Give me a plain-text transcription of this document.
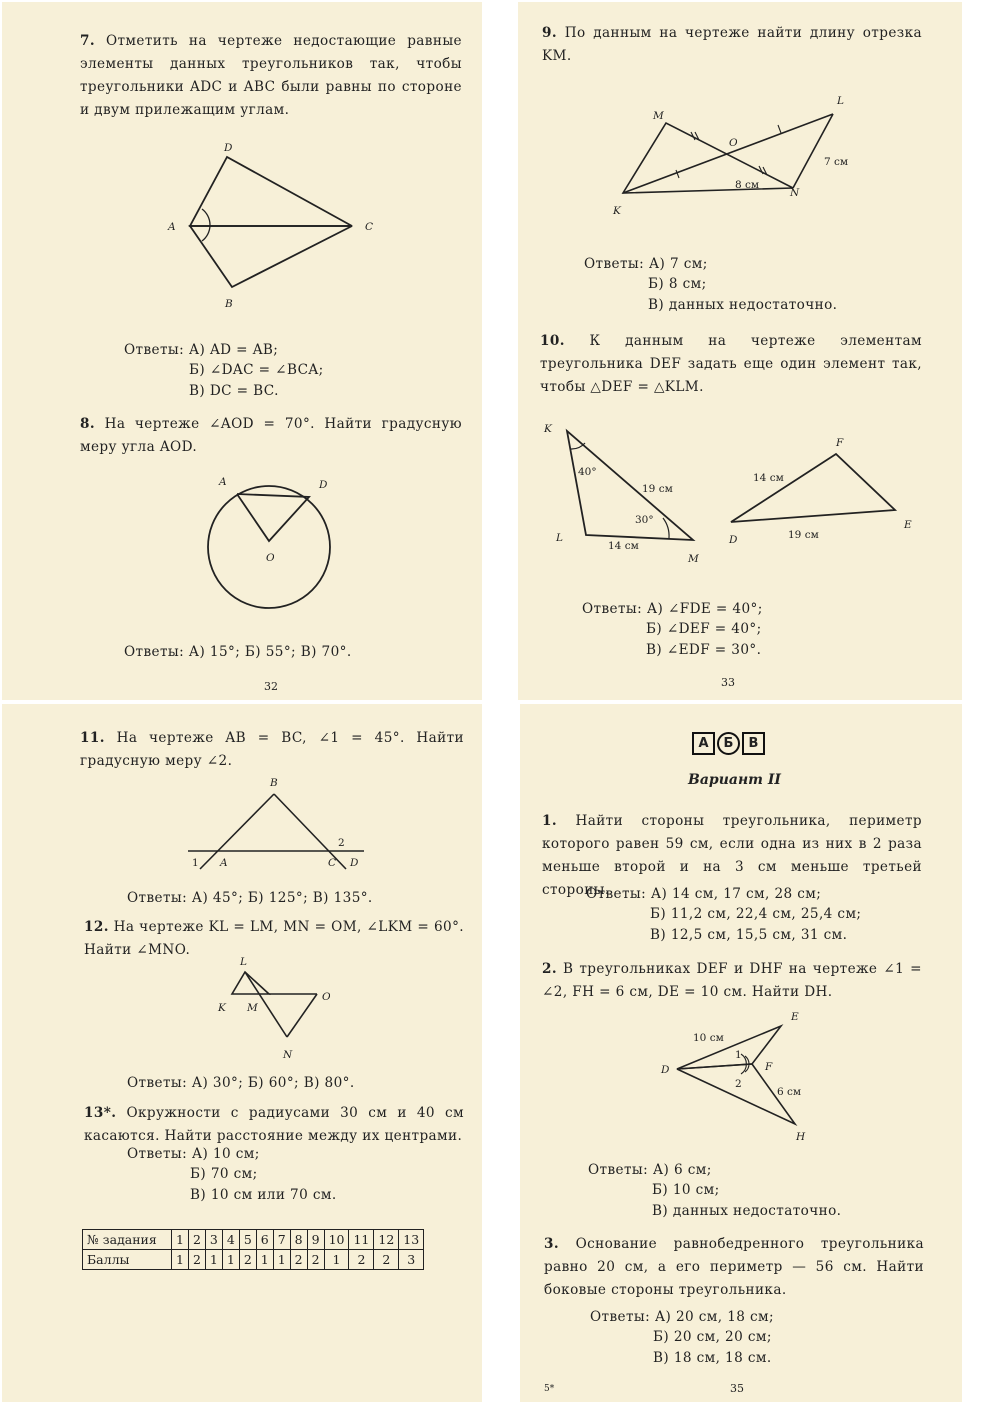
7. Отметить на чертеже недостающие равные элементы данных треугольников так, чтобы треугольники ADC и ABC были равны по стороне и двум прилежащим углам.
D
A	C
B
Ответы: А) AD = AB;
Б) ∠DAC = ∠BCA;
В) DC = BC.
8. На чертеже ∠AOD = 70°. Найти градусную меру угла AOD.
A	D
O
Ответы: А) 15°; Б) 55°; В) 70°.
32
9. По данным на чертеже найти длину отрезка KM.
M
O
L
K
N
7 см
8 см
Ответы: А) 7 см;
Б) 8 см;
В) данных недостаточно.
10. К данным на чертеже элементам треугольника DEF задать еще один элемент так, чтобы △DEF = △KLM.
K
L
M
40°
30°
19 см
14 см
F
D
E
14 см
19 см
Ответы: А) ∠FDE = 40°;
Б) ∠DEF = 40°;
В) ∠EDF = 30°.
33
11. На чертеже AB = BC, ∠1 = 45°. Найти градусную меру ∠2.
B
1 A	C D
2
Ответы: А) 45°; Б) 125°; В) 135°.
12. На чертеже KL = LM, MN = OM, ∠LKM = 60°. Найти ∠MNO.
L
K M
O
N
Ответы: А) 30°; Б) 60°; В) 80°.
13*. Окружности с радиусами 30 см и 40 см касаются. Найти расстояние между их центрами.
Ответы: А) 10 см;
Б) 70 см;
В) 10 см или 70 см.
№ задания	1	2	3	4	5	6	7	8	9	10	11	12	13
Баллы	1	2	1	1	2	1	1	2	2	1	2	2	3
А	Б	В
Вариант II
1. Найти стороны треугольника, периметр которого равен 59 см, если одна из них в 2 раза меньше второй и на 3 см меньше третьей стороны.
Ответы: А) 14 см, 17 см, 28 см;
Б) 11,2 см, 22,4 см, 25,4 см;
В) 12,5 см, 15,5 см, 31 см.
2. В треугольниках DEF и DHF на чертеже ∠1 = ∠2, FH = 6 см, DE = 10 см. Найти DH.
E
D	F
H
1
2
10 см
6 см
Ответы: А) 6 см;
Б) 10 см;
В) данных недостаточно.
3. Основание равнобедренного треугольника равно 20 см, а его периметр — 56 см. Найти боковые стороны треугольника.
Ответы: А) 20 см, 18 см;
Б) 20 см, 20 см;
В) 18 см, 18 см.
5*	35
